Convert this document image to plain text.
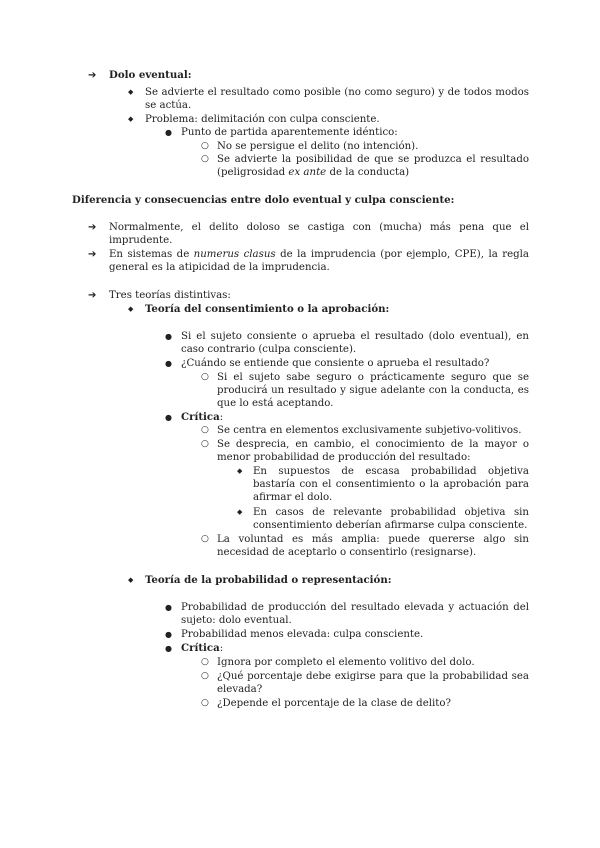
➔ Dolo eventual:
◆ Se advierte el resultado como posible (no como seguro) y de todos modos
se actúa.
◆ Problema: delimitación con culpa consciente.
● Punto de partida aparentemente idéntico:
○ No se persigue el delito (no intención).
○ Se advierte la posibilidad de que se produzca el resultado
(peligrosidad ex ante de la conducta)
Diferencia y consecuencias entre dolo eventual y culpa consciente:
➔ Normalmente, el delito doloso se castiga con (mucha) más pena que el
imprudente.
➔ En sistemas de numerus clasus de la imprudencia (por ejemplo, CPE), la regla
general es la atipicidad de la imprudencia.
➔ Tres teorías distintivas:
◆ Teoría del consentimiento o la aprobación:
● Si el sujeto consiente o aprueba el resultado (dolo eventual), en
caso contrario (culpa consciente).
● ¿Cuándo se entiende que consiente o aprueba el resultado?
○ Si el sujeto sabe seguro o prácticamente seguro que se
producirá un resultado y sigue adelante con la conducta, es
que lo está aceptando.
● Crítica:
○ Se centra en elementos exclusivamente subjetivo-volitivos.
○ Se desprecia, en cambio, el conocimiento de la mayor o
menor probabilidad de producción del resultado:
◆ En supuestos de escasa probabilidad objetiva
bastaría con el consentimiento o la aprobación para
afirmar el dolo.
◆ En casos de relevante probabilidad objetiva sin
consentimiento deberían afirmarse culpa consciente.
○ La voluntad es más amplia: puede quererse algo sin
necesidad de aceptarlo o consentirlo (resignarse).
◆ Teoría de la probabilidad o representación:
● Probabilidad de producción del resultado elevada y actuación del
sujeto: dolo eventual.
● Probabilidad menos elevada: culpa consciente.
● Crítica:
○ Ignora por completo el elemento volitivo del dolo.
○ ¿Qué porcentaje debe exigirse para que la probabilidad sea
elevada?
○ ¿Depende el porcentaje de la clase de delito?
